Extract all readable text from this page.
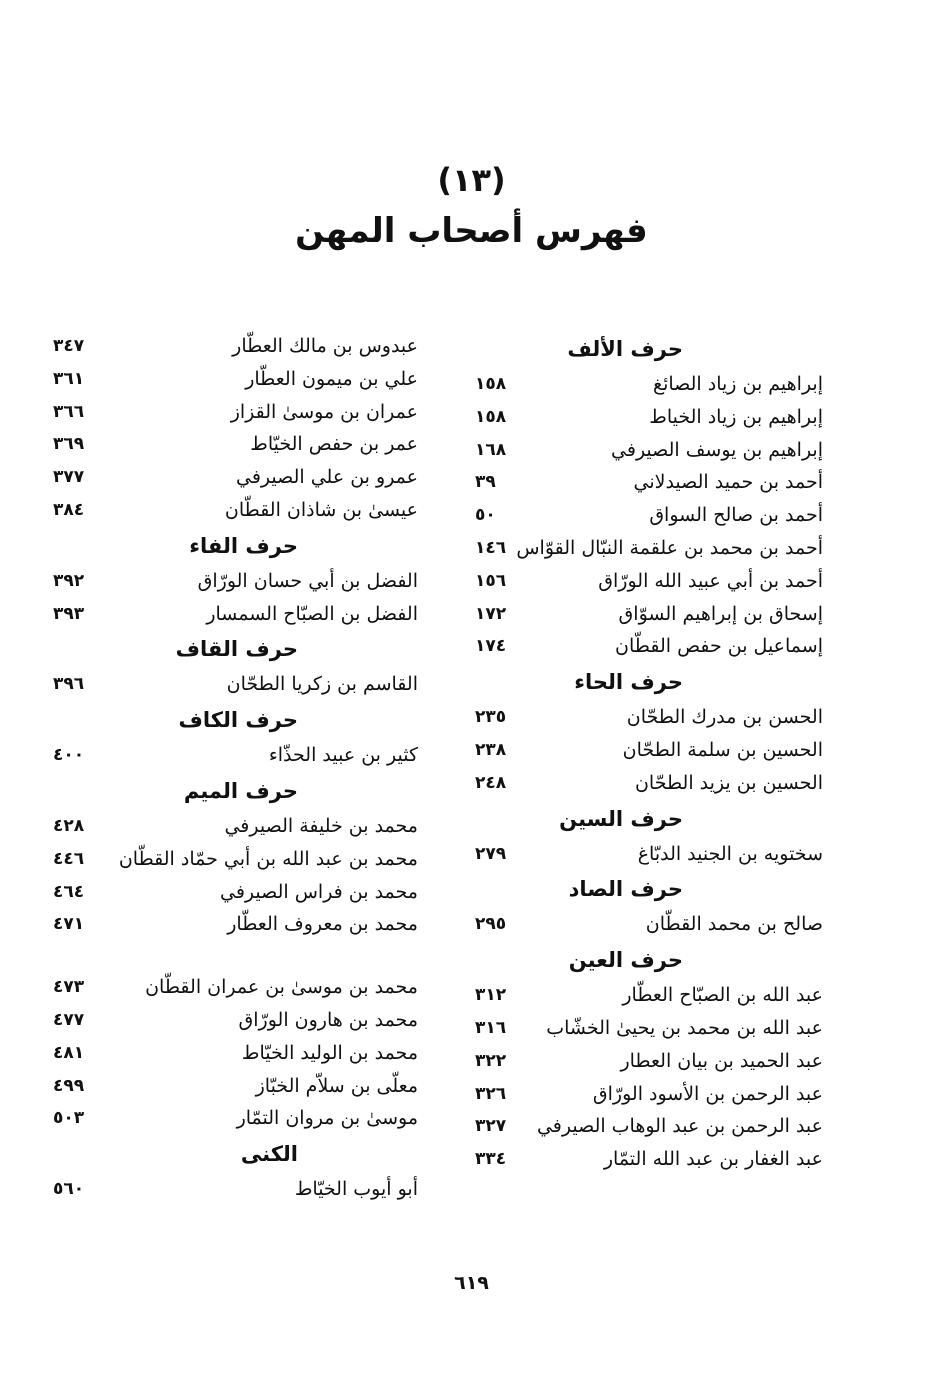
(١٣)
فهرس أصحاب المهن
حرف الألف
إبراهيم بن زياد الصائغ
١٥٨
إبراهيم بن زياد الخياط
١٥٨
إبراهيم بن يوسف الصيرفي
١٦٨
أحمد بن حميد الصيدلاني
٣٩
أحمد بن صالح السواق
٥٠
أحمد بن محمد بن علقمة النبّال القوّاس
١٤٦
أحمد بن أبي عبيد الله الورّاق
١٥٦
إسحاق بن إبراهيم السوّاق
١٧٢
إسماعيل بن حفص القطّان
١٧٤
حرف الحاء
الحسن بن مدرك الطحّان
٢٣٥
الحسين بن سلمة الطحّان
٢٣٨
الحسين بن يزيد الطحّان
٢٤٨
حرف السين
سختويه بن الجنيد الدبّاغ
٢٧٩
حرف الصاد
صالح بن محمد القطّان
٢٩٥
حرف العين
عبد الله بن الصبّاح العطّار
٣١٢
عبد الله بن محمد بن يحيىٰ الخشّاب
٣١٦
عبد الحميد بن بيان العطار
٣٢٢
عبد الرحمن بن الأسود الورّاق
٣٢٦
عبد الرحمن بن عبد الوهاب الصيرفي
٣٢٧
عبد الغفار بن عبد الله التمّار
٣٣٤
عبدوس بن مالك العطّار
٣٤٧
علي بن ميمون العطّار
٣٦١
عمران بن موسىٰ القزاز
٣٦٦
عمر بن حفص الخيّاط
٣٦٩
عمرو بن علي الصيرفي
٣٧٧
عيسىٰ بن شاذان القطّان
٣٨٤
حرف الفاء
الفضل بن أبي حسان الورّاق
٣٩٢
الفضل بن الصبّاح السمسار
٣٩٣
حرف القاف
القاسم بن زكريا الطحّان
٣٩٦
حرف الكاف
كثير بن عبيد الحذّاء
٤٠٠
حرف الميم
محمد بن خليفة الصيرفي
٤٢٨
محمد بن عبد الله بن أبي حمّاد القطّان
٤٤٦
محمد بن فراس الصيرفي
٤٦٤
محمد بن معروف العطّار
٤٧١
محمد بن موسىٰ بن عمران القطّان
٤٧٣
محمد بن هارون الورّاق
٤٧٧
محمد بن الوليد الخيّاط
٤٨١
معلّى بن سلاّم الخبّاز
٤٩٩
موسىٰ بن مروان التمّار
٥٠٣
الكنى
أبو أيوب الخيّاط
٥٦٠
٦١٩
